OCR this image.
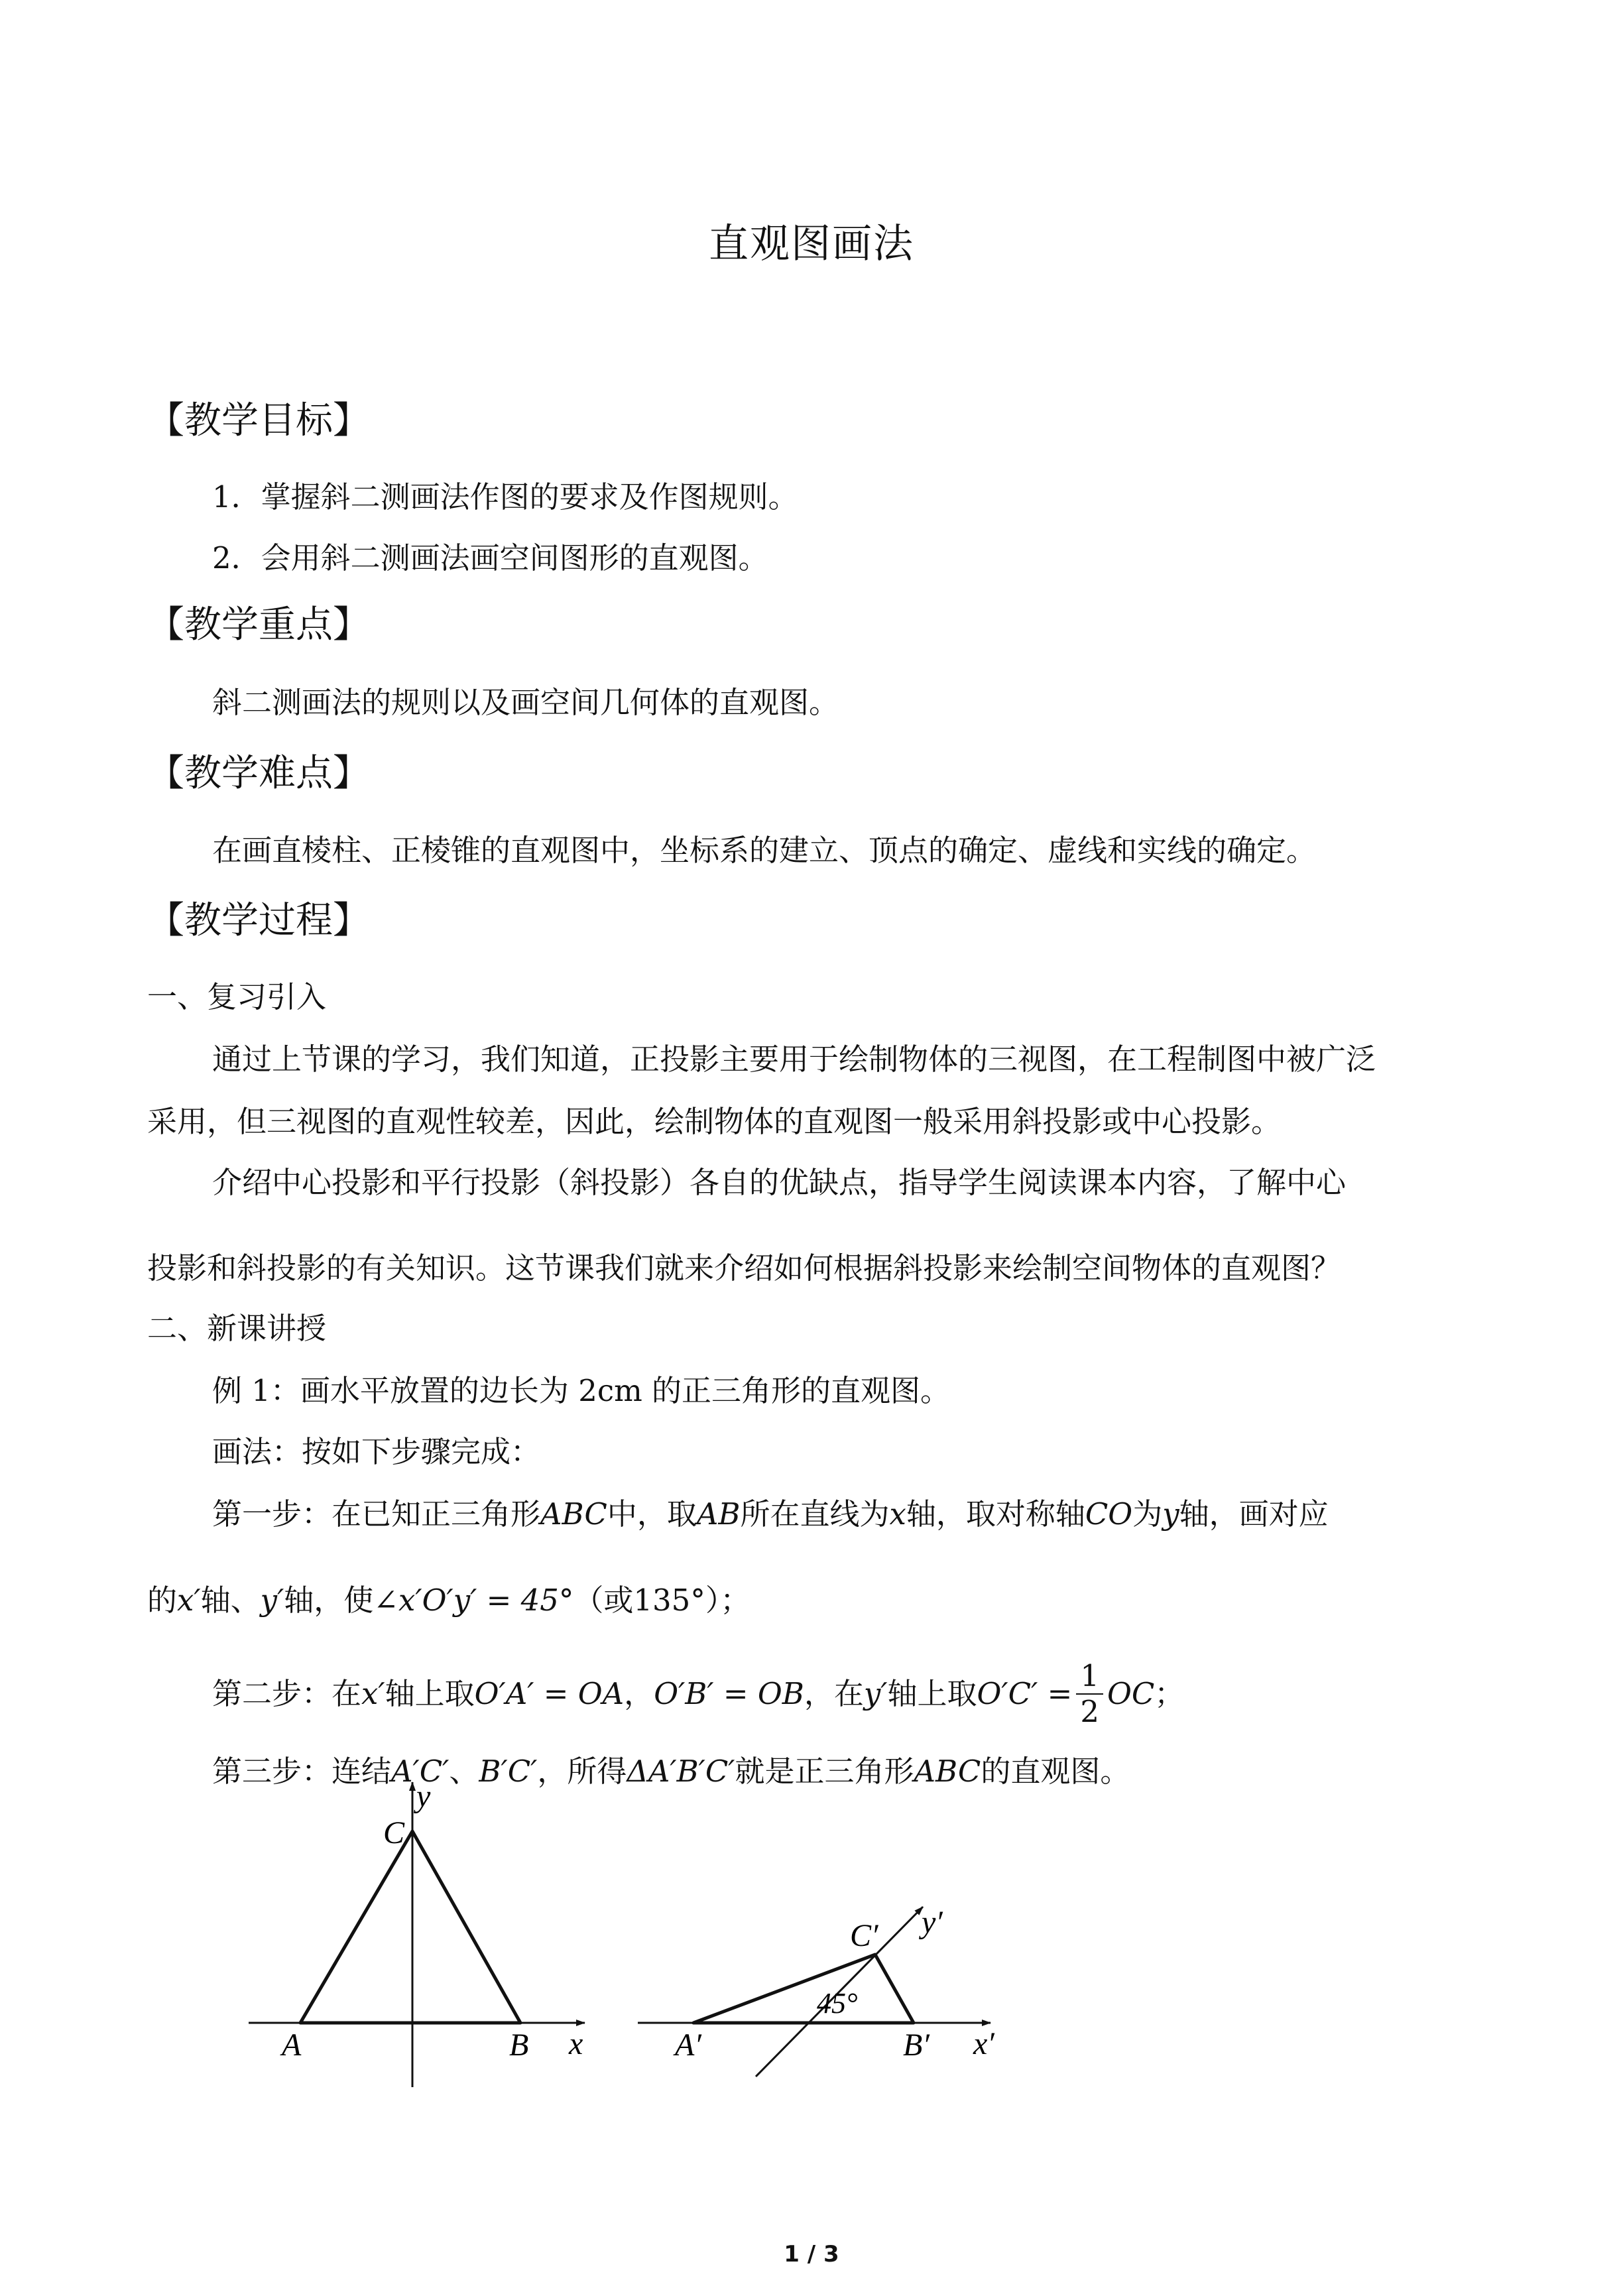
直观图画法
【教学目标】
1．掌握斜二测画法作图的要求及作图规则。
2．会用斜二测画法画空间图形的直观图。
【教学重点】
斜二测画法的规则以及画空间几何体的直观图。
【教学难点】
在画直棱柱、正棱锥的直观图中，坐标系的建立、顶点的确定、虚线和实线的确定。
【教学过程】
一、复习引入
通过上节课的学习，我们知道，正投影主要用于绘制物体的三视图，在工程制图中被广泛
采用，但三视图的直观性较差，因此，绘制物体的直观图一般采用斜投影或中心投影。
介绍中心投影和平行投影（斜投影）各自的优缺点，指导学生阅读课本内容，了解中心
投影和斜投影的有关知识。这节课我们就来介绍如何根据斜投影来绘制空间物体的直观图？
二、新课讲授
例 1：画水平放置的边长为 2cm 的正三角形的直观图。
画法：按如下步骤完成：
第一步：在已知正三角形ABC中，取AB所在直线为x轴，取对称轴CO为y轴，画对应
的x′轴、y′轴，使∠x′O′y′ = 45°（或135°）；
第二步：在 x′ 轴上取 O′A′ = OA ， O′B′ = OB ，在 y′ 轴上取 $O'C' = \frac{1}{2}$ OC ；
第三步：连结A′C′、B′C′，所得ΔA′B′C′就是正三角形ABC的直观图。
A	B
C
x
y
A′	B′
C′
x′
y′
45°
1 / 3
